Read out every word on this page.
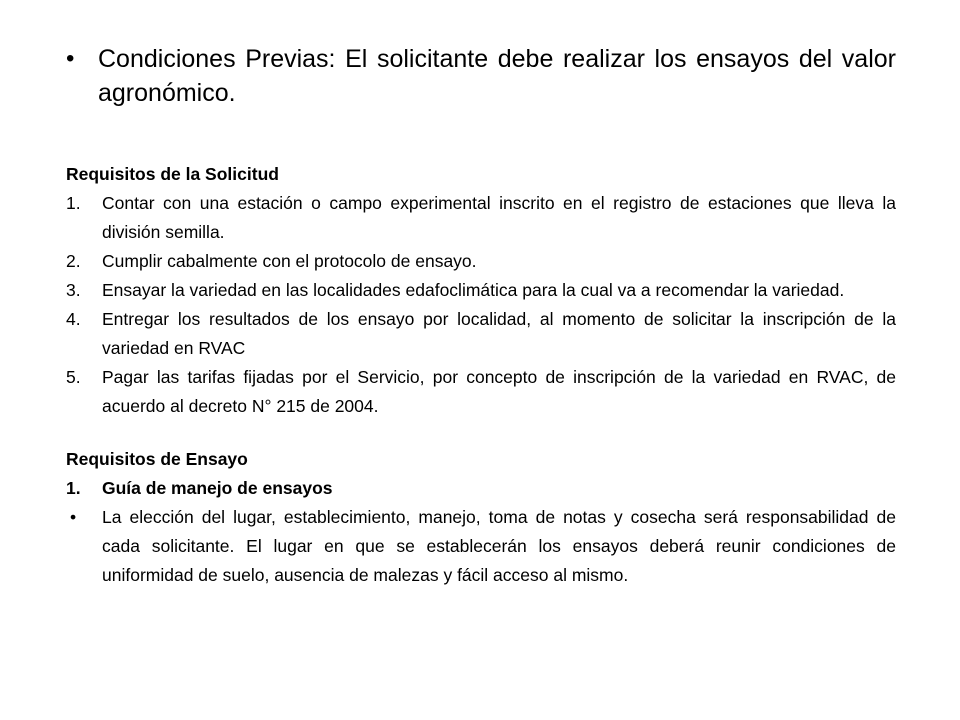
• Condiciones Previas: El solicitante debe realizar los ensayos del valor agronómico.
Requisitos de la Solicitud
1. Contar con una estación o campo experimental inscrito en el registro de estaciones que lleva la división semilla.
2. Cumplir cabalmente con el protocolo de ensayo.
3. Ensayar la variedad en las localidades edafoclimática para la cual va a recomendar la variedad.
4. Entregar los resultados de los ensayo por localidad, al momento de solicitar la inscripción de la variedad en RVAC
5. Pagar las tarifas fijadas por el Servicio, por concepto de inscripción de la variedad en RVAC, de acuerdo al decreto N° 215 de 2004.
Requisitos de Ensayo
1. Guía de manejo de ensayos
• La elección del lugar, establecimiento, manejo, toma de notas y cosecha será responsabilidad de cada solicitante. El lugar en que se establecerán los ensayos deberá reunir condiciones de uniformidad de suelo, ausencia de malezas y fácil acceso al mismo.
